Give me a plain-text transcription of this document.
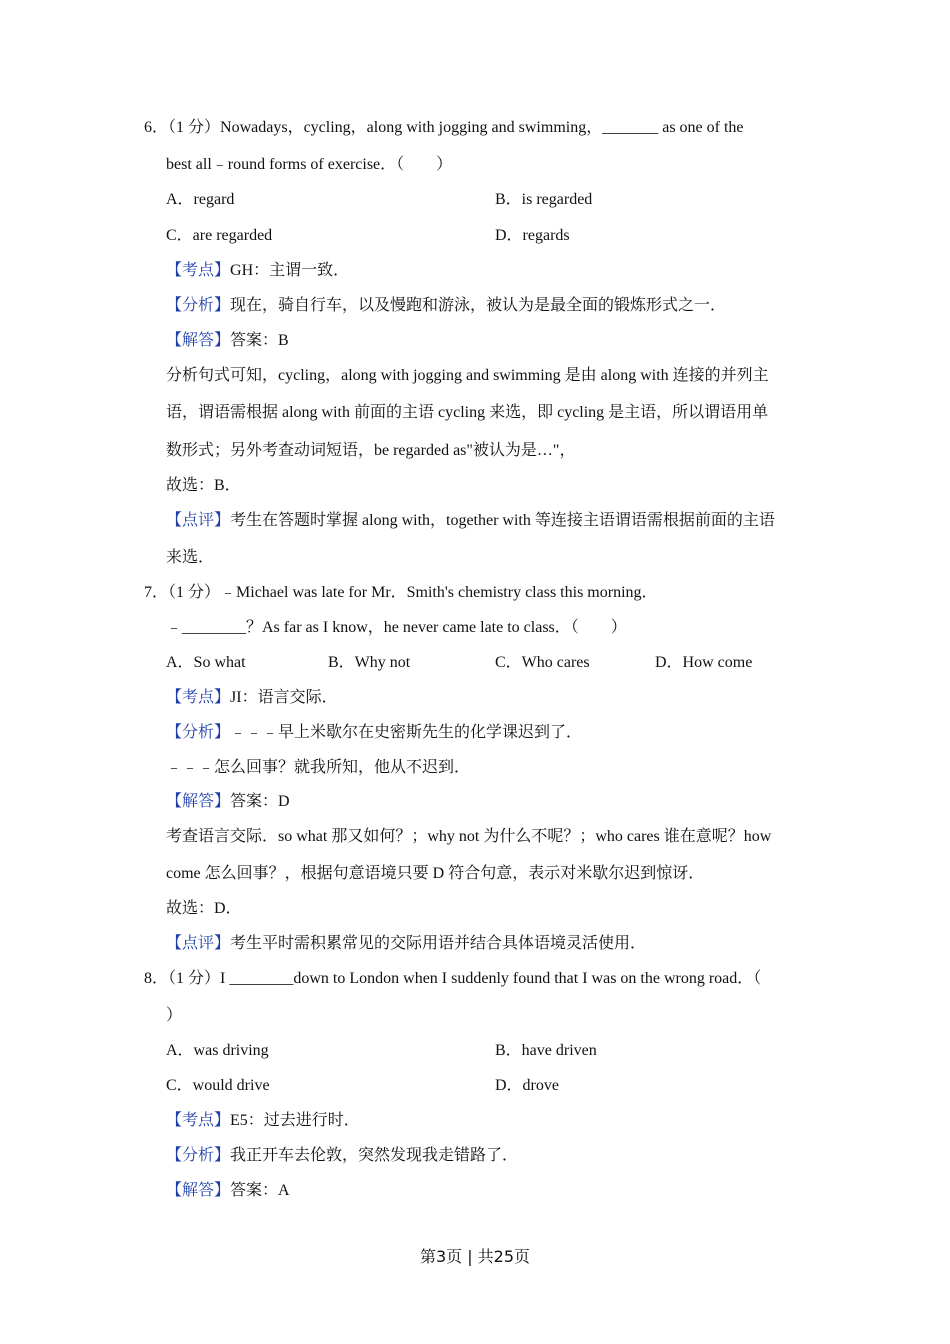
6．（1 分）Nowadays，cycling，along with jogging and swimming，_______ as one of the
best all﹣round forms of exercise．（　　）
A．regard	B．is regarded
C．are regarded	D．regards
【考点】GH：主谓一致．
【分析】现在，骑自行车，以及慢跑和游泳，被认为是最全面的锻炼形式之一．
【解答】答案：B
分析句式可知，cycling，along with jogging and swimming 是由 along with 连接的并列主
语，谓语需根据 along with 前面的主语 cycling 来选，即 cycling 是主语，所以谓语用单
数形式；另外考查动词短语，be regarded as"被认为是…"，
故选：B．
【点评】考生在答题时掌握 along with，together with 等连接主语谓语需根据前面的主语
来选．
7．（1 分）﹣Michael was late for Mr．Smith's chemistry class this morning．
﹣________？As far as I know，he never came late to class．（　　）
A．So what	B．Why not	C．Who cares	D．How come
【考点】JI：语言交际．
【分析】﹣﹣﹣早上米歇尔在史密斯先生的化学课迟到了．
﹣﹣﹣怎么回事？就我所知，他从不迟到．
【解答】答案：D
考查语言交际．so what 那又如何？；why not 为什么不呢？；who cares 谁在意呢？how
come 怎么回事？，根据句意语境只要 D 符合句意，表示对米歇尔迟到惊讶．
故选：D．
【点评】考生平时需积累常见的交际用语并结合具体语境灵活使用．
8．（1 分）I ________down to London when I suddenly found that I was on the wrong road．（
）
A．was driving	B．have driven
C．would drive	D．drove
【考点】E5：过去进行时．
【分析】我正开车去伦敦，突然发现我走错路了．
【解答】答案：A
第3页 | 共25页
